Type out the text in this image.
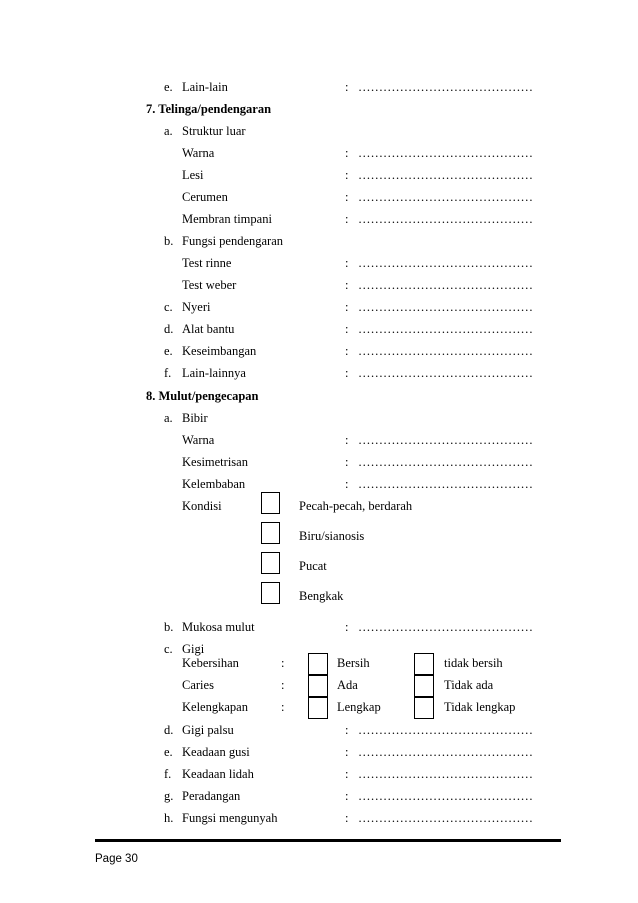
e. Lain-lain	: ……………………………………
7. Telinga/pendengaran
a. Struktur luar
Warna	: ……………………………………
Lesi	: ……………………………………
Cerumen	: ……………………………………
Membran timpani	: ……………………………………
b. Fungsi pendengaran
Test rinne	: ……………………………………
Test weber	: ……………………………………
c. Nyeri	: ……………………………………
d. Alat bantu	: ……………………………………
e. Keseimbangan	: ……………………………………
f. Lain-lainnya	: ……………………………………
8. Mulut/pengecapan
a. Bibir
Warna	: ……………………………………
Kesimetrisan	: ……………………………………
Kelembaban	: ……………………………………
Kondisi	Pecah-pecah, berdarah
Biru/sianosis
Pucat
Bengkak
b. Mukosa mulut	: ……………………………………
c. Gigi
Kebersihan	:	Bersih	tidak bersih
Caries	:	Ada	Tidak ada
Kelengkapan	:	Lengkap	Tidak lengkap
d. Gigi palsu	: ……………………………………
e. Keadaan gusi	: ……………………………………
f. Keadaan lidah	: ……………………………………
g. Peradangan	: ……………………………………
h. Fungsi mengunyah	: ……………………………………
Page 30
